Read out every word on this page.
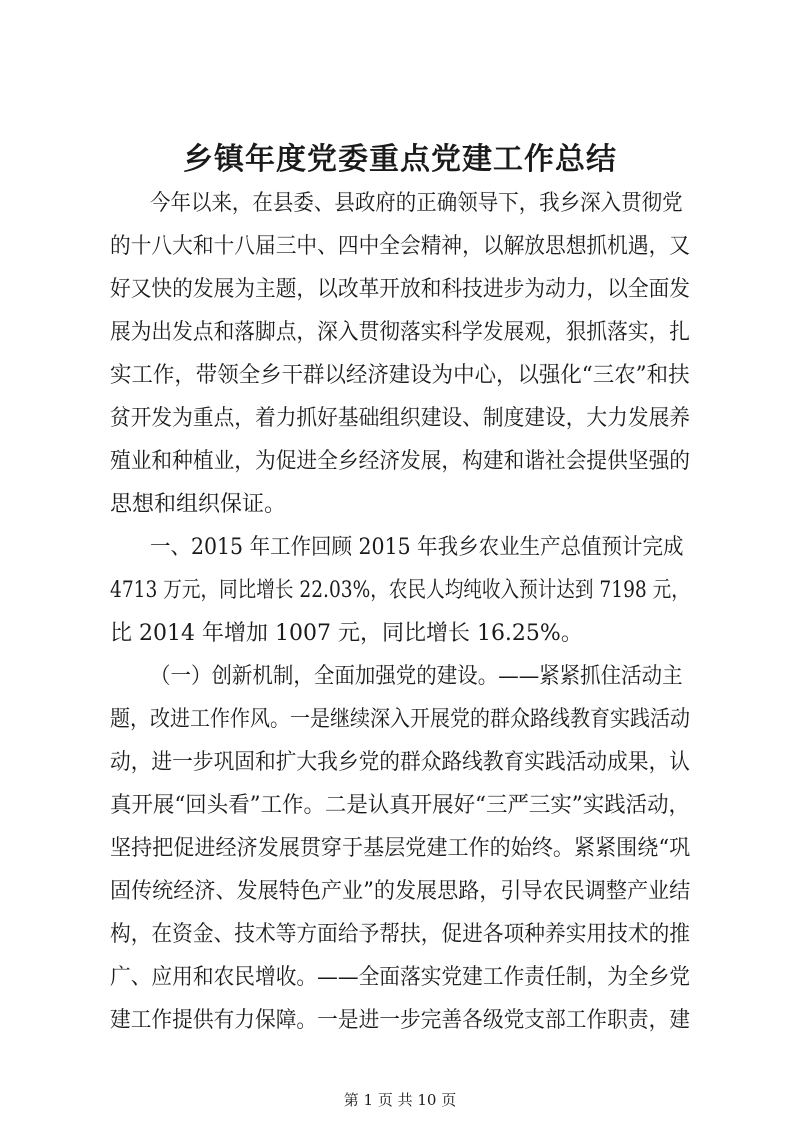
乡镇年度党委重点党建工作总结
今年以来，在县委、县政府的正确领导下，我乡深入贯彻党
的十八大和十八届三中、四中全会精神，以解放思想抓机遇，又
好又快的发展为主题，以改革开放和科技进步为动力，以全面发
展为出发点和落脚点，深入贯彻落实科学发展观，狠抓落实，扎
实工作，带领全乡干群以经济建设为中心，以强化“三农”和扶
贫开发为重点，着力抓好基础组织建设、制度建设，大力发展养
殖业和种植业，为促进全乡经济发展，构建和谐社会提供坚强的
思想和组织保证。
一、2015 年工作回顾 2015 年我乡农业生产总值预计完成
4713 万元，同比增长 22.03%，农民人均纯收入预计达到 7198 元，
比 2014 年增加 1007 元，同比增长 16.25%。
（一）创新机制，全面加强党的建设。——紧紧抓住活动主
题，改进工作作风。一是继续深入开展党的群众路线教育实践活动
动，进一步巩固和扩大我乡党的群众路线教育实践活动成果，认
真开展“回头看”工作。二是认真开展好“三严三实”实践活动，
坚持把促进经济发展贯穿于基层党建工作的始终。紧紧围绕“巩
固传统经济、发展特色产业”的发展思路，引导农民调整产业结
构，在资金、技术等方面给予帮扶，促进各项种养实用技术的推
广、应用和农民增收。——全面落实党建工作责任制，为全乡党
建工作提供有力保障。一是进一步完善各级党支部工作职责，建
第 1 页 共 10 页
